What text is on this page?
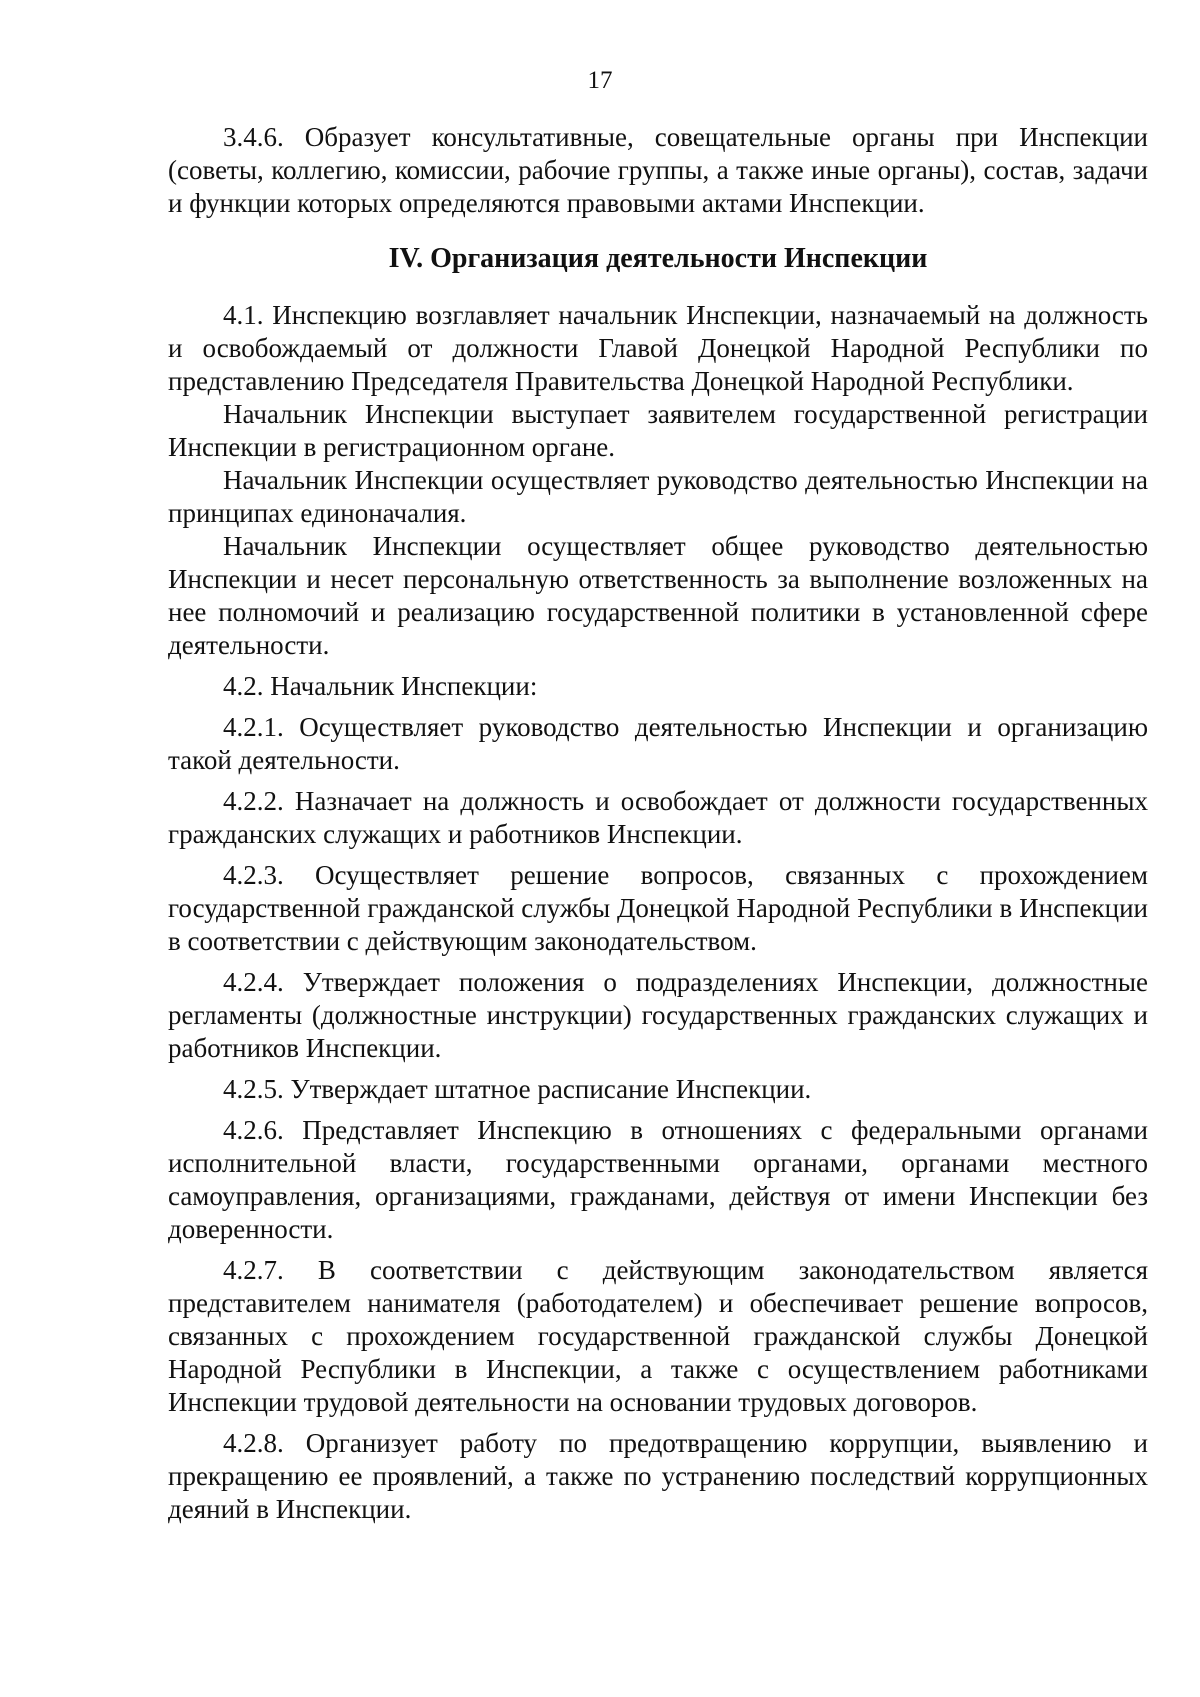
17

3.4.6. Образует консультативные, совещательные органы при Инспекции (советы, коллегию, комиссии, рабочие группы, а также иные органы), состав, задачи и функции которых определяются правовыми актами Инспекции.

IV. Организация деятельности Инспекции

4.1. Инспекцию возглавляет начальник Инспекции, назначаемый на должность и освобождаемый от должности Главой Донецкой Народной Республики по представлению Председателя Правительства Донецкой Народной Республики.

Начальник Инспекции выступает заявителем государственной регистрации Инспекции в регистрационном органе.

Начальник Инспекции осуществляет руководство деятельностью Инспекции на принципах единоначалия.

Начальник Инспекции осуществляет общее руководство деятельностью Инспекции и несет персональную ответственность за выполнение возложенных на нее полномочий и реализацию государственной политики в установленной сфере деятельности.

4.2. Начальник Инспекции:

4.2.1. Осуществляет руководство деятельностью Инспекции и организацию такой деятельности.

4.2.2. Назначает на должность и освобождает от должности государственных гражданских служащих и работников Инспекции.

4.2.3. Осуществляет решение вопросов, связанных с прохождением государственной гражданской службы Донецкой Народной Республики в Инспекции в соответствии с действующим законодательством.

4.2.4. Утверждает положения о подразделениях Инспекции, должностные регламенты (должностные инструкции) государственных гражданских служащих и работников Инспекции.

4.2.5. Утверждает штатное расписание Инспекции.

4.2.6. Представляет Инспекцию в отношениях с федеральными органами исполнительной власти, государственными органами, органами местного самоуправления, организациями, гражданами, действуя от имени Инспекции без доверенности.

4.2.7. В соответствии с действующим законодательством является представителем нанимателя (работодателем) и обеспечивает решение вопросов, связанных с прохождением государственной гражданской службы Донецкой Народной Республики в Инспекции, а также с осуществлением работниками Инспекции трудовой деятельности на основании трудовых договоров.

4.2.8. Организует работу по предотвращению коррупции, выявлению и прекращению ее проявлений, а также по устранению последствий коррупционных деяний в Инспекции.
